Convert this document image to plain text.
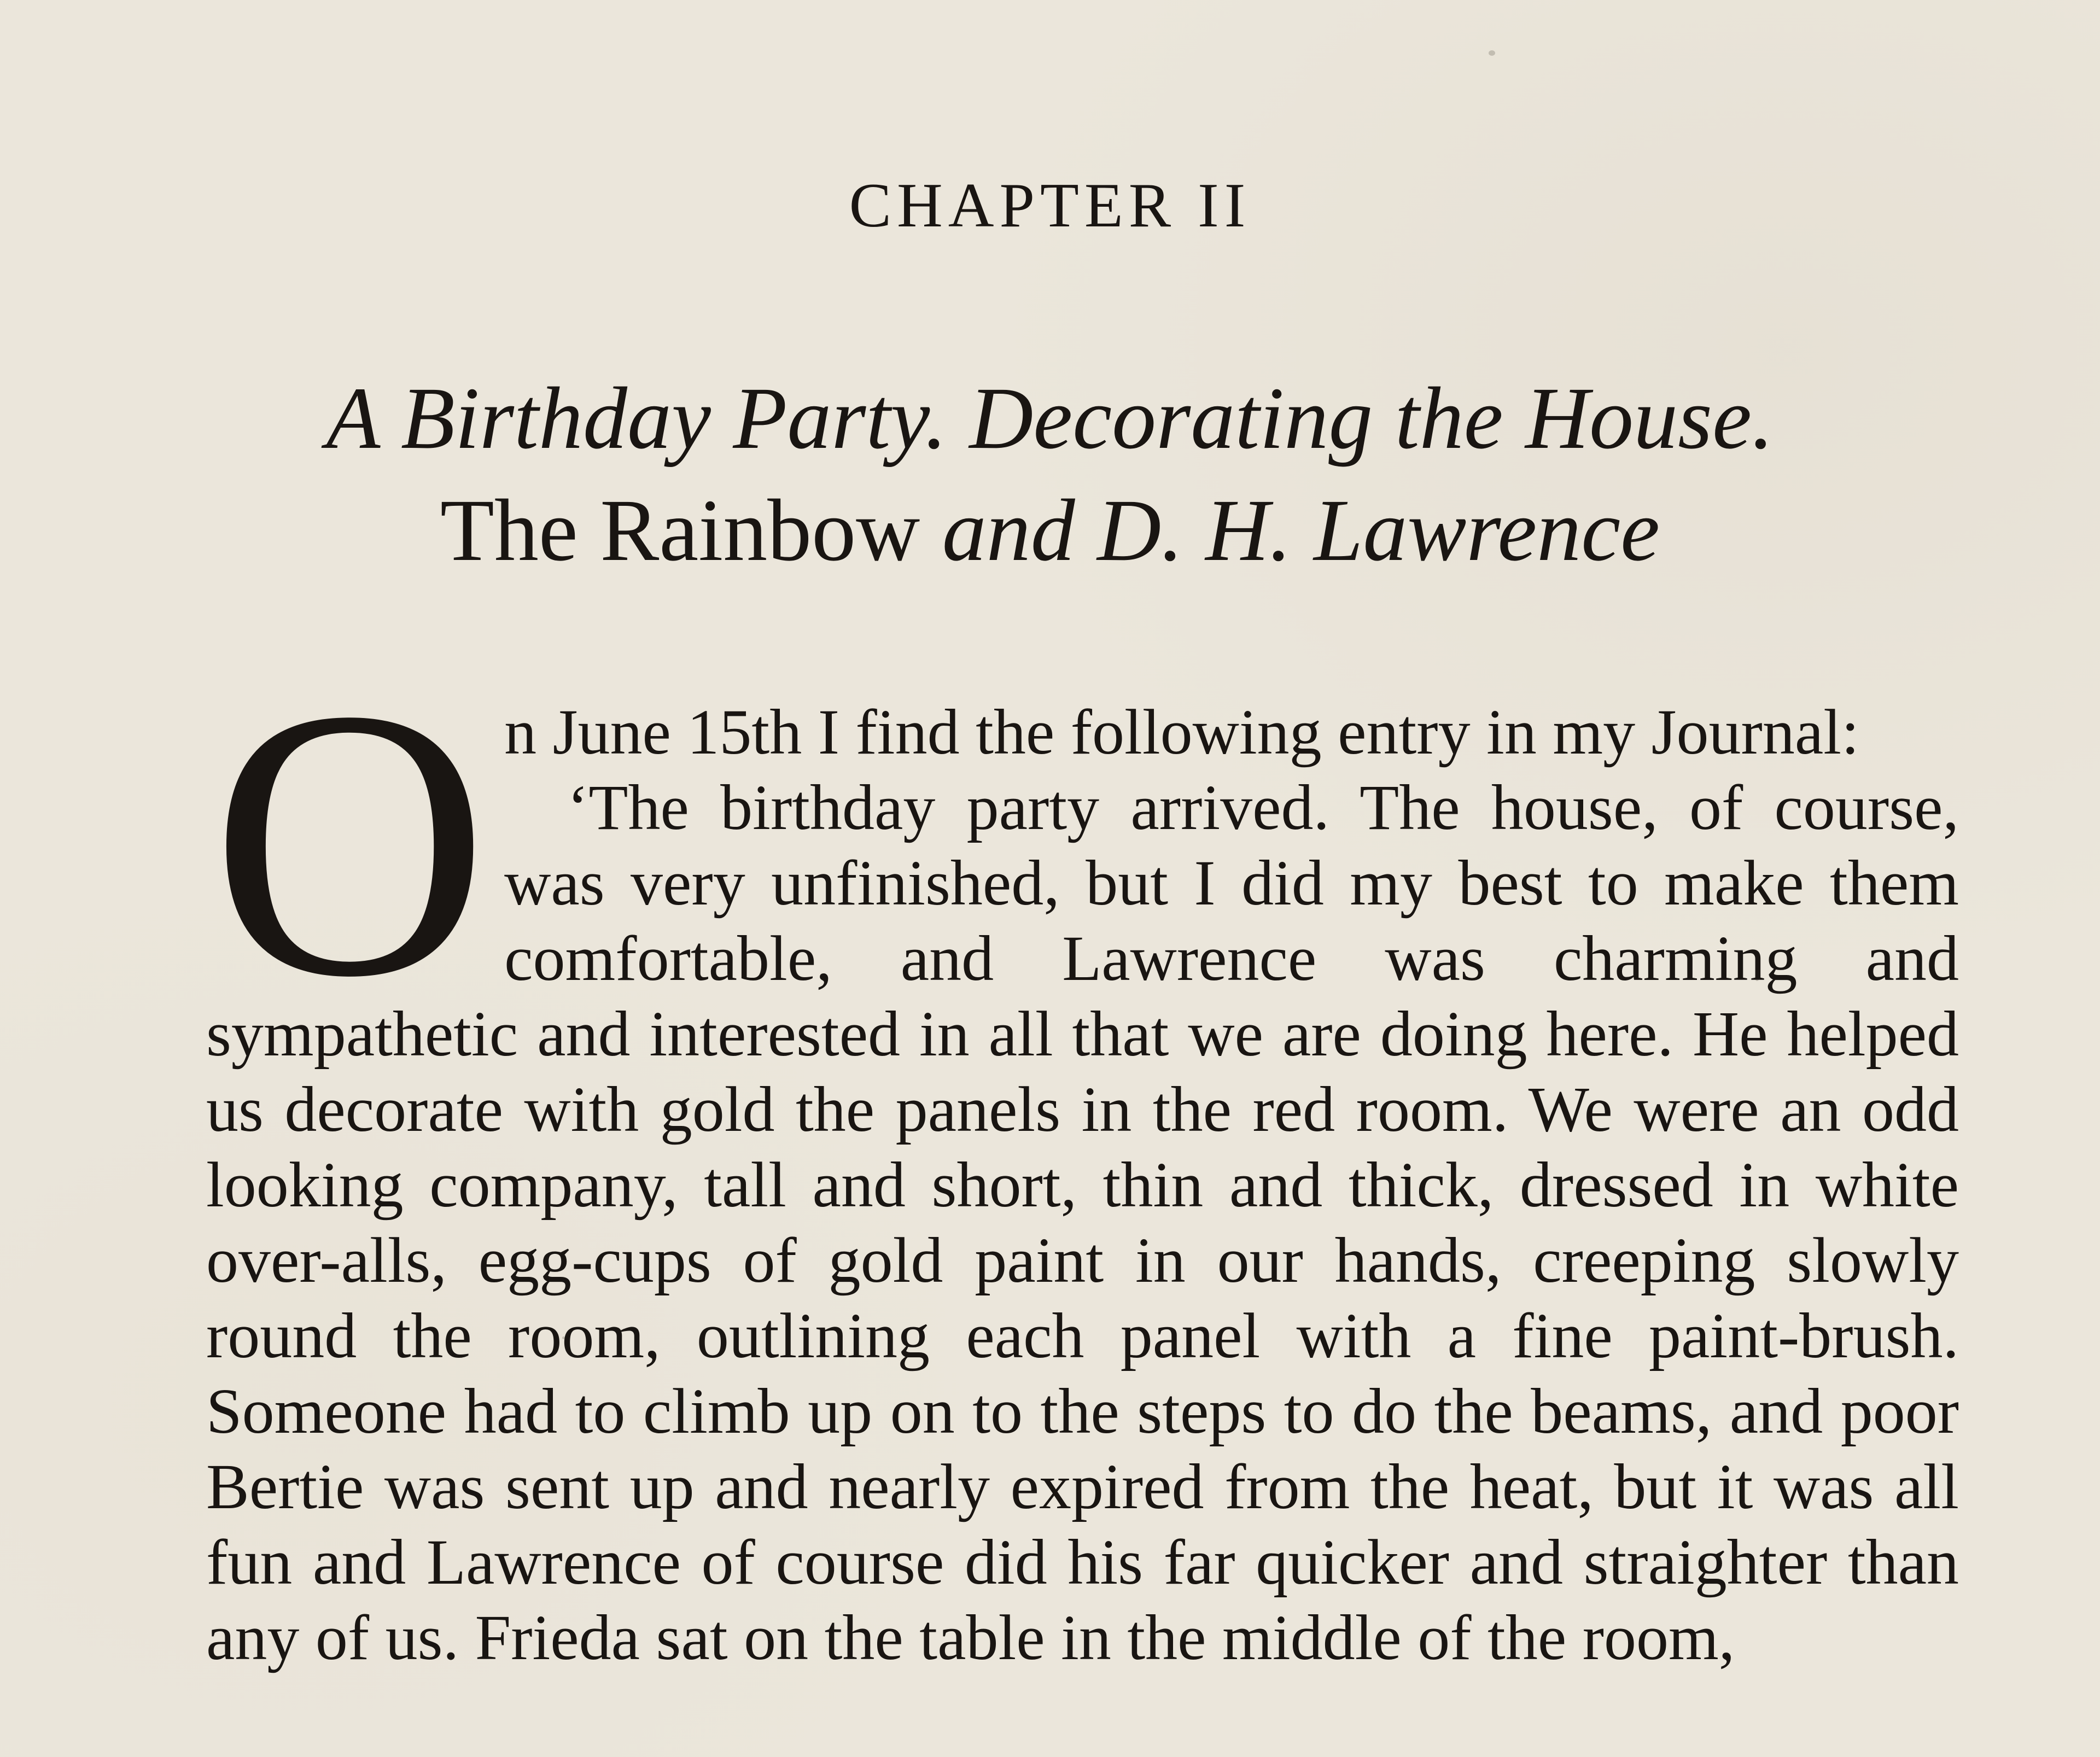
CHAPTER II
A Birthday Party. Decorating the House.
The Rainbow and D. H. Lawrence
O n June 15th I find the following entry in my Journal:
‘The birthday party arrived. The house, of course, was very unfinished, but I did my best to make them comfortable, and Lawrence was charming and sympathetic and interested in all that we are doing here. He helped us decorate with gold the panels in the red room. We were an odd looking company, tall and short, thin and thick, dressed in white over-alls, egg-cups of gold paint in our hands, creeping slowly round the room, outlining each panel with a fine paint-brush. Someone had to climb up on to the steps to do the beams, and poor Bertie was sent up and nearly expired from the heat, but it was all fun and Lawrence of course did his far quicker and straighter than any of us. Frieda sat on the table in the middle of the room,
